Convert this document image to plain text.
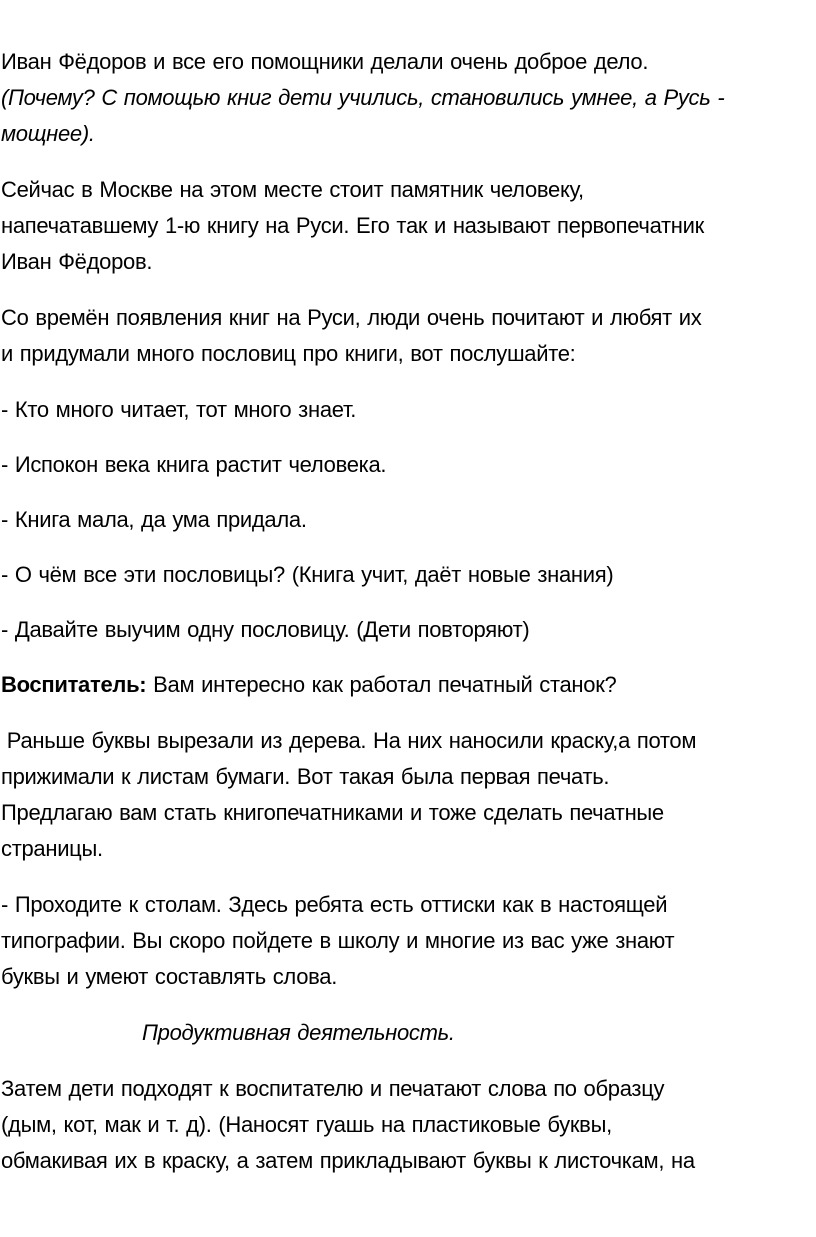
Иван Фёдоров и все его помощники делали очень доброе дело.

(Почему? С помощью книг дети учились, становились умнее, а Русь -
мощнее).

Сейчас в Москве на этом месте стоит памятник человеку,
напечатавшему 1-ю книгу на Руси. Его так и называют первопечатник
Иван Фёдоров.

Со времён появления книг на Руси, люди очень почитают и любят их
и придумали много пословиц про книги, вот послушайте:

- Кто много читает, тот много знает.

- Испокон века книга растит человека.

- Книга мала, да ума придала.

- О чём все эти пословицы? (Книга учит, даёт новые знания)

- Давайте выучим одну пословицу. (Дети повторяют)

Воспитатель: Вам интересно как работал печатный станок?

Раньше буквы вырезали из дерева. На них наносили краску,а потом
прижимали к листам бумаги. Вот такая была первая печать.
Предлагаю вам стать книгопечатниками и тоже сделать печатные
страницы.

- Проходите к столам. Здесь ребята есть оттиски как в настоящей
типографии. Вы скоро пойдете в школу и многие из вас уже знают
буквы и умеют составлять слова.

Продуктивная деятельность.

Затем дети подходят к воспитателю и печатают слова по образцу
(дым, кот, мак и т. д). (Наносят гуашь на пластиковые буквы,
обмакивая их в краску, а затем прикладывают буквы к листочкам, на
